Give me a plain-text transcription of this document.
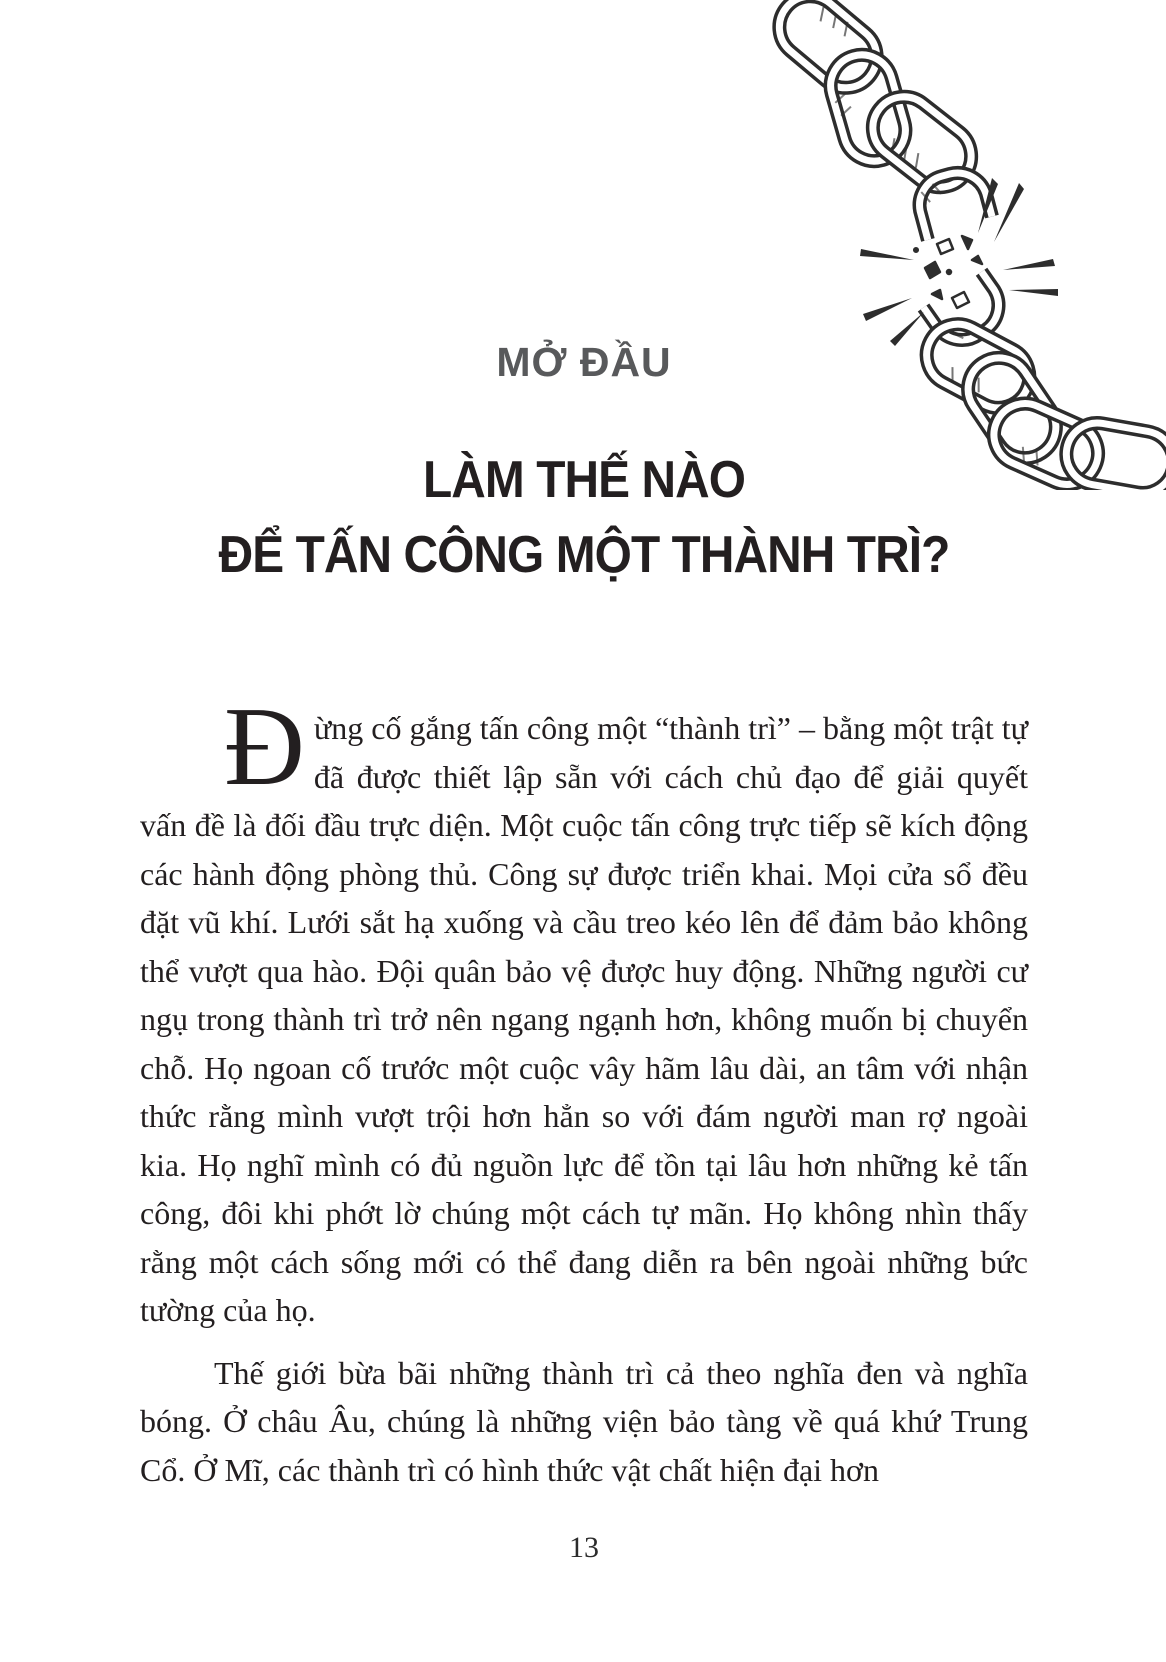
MỞ ĐẦU
LÀM THẾ NÀO
ĐỂ TẤN CÔNG MỘT THÀNH TRÌ?

Đừng cố gắng tấn công một “thành trì” – bằng một trật tự đã được thiết lập sẵn với cách chủ đạo để giải quyết vấn đề là đối đầu trực diện. Một cuộc tấn công trực tiếp sẽ kích động các hành động phòng thủ. Công sự được triển khai. Mọi cửa sổ đều đặt vũ khí. Lưới sắt hạ xuống và cầu treo kéo lên để đảm bảo không thể vượt qua hào. Đội quân bảo vệ được huy động. Những người cư ngụ trong thành trì trở nên ngang ngạnh hơn, không muốn bị chuyển chỗ. Họ ngoan cố trước một cuộc vây hãm lâu dài, an tâm với nhận thức rằng mình vượt trội hơn hẳn so với đám người man rợ ngoài kia. Họ nghĩ mình có đủ nguồn lực để tồn tại lâu hơn những kẻ tấn công, đôi khi phớt lờ chúng một cách tự mãn. Họ không nhìn thấy rằng một cách sống mới có thể đang diễn ra bên ngoài những bức tường của họ.

Thế giới bừa bãi những thành trì cả theo nghĩa đen và nghĩa bóng. Ở châu Âu, chúng là những viện bảo tàng về quá khứ Trung Cổ. Ở Mĩ, các thành trì có hình thức vật chất hiện đại hơn

13
